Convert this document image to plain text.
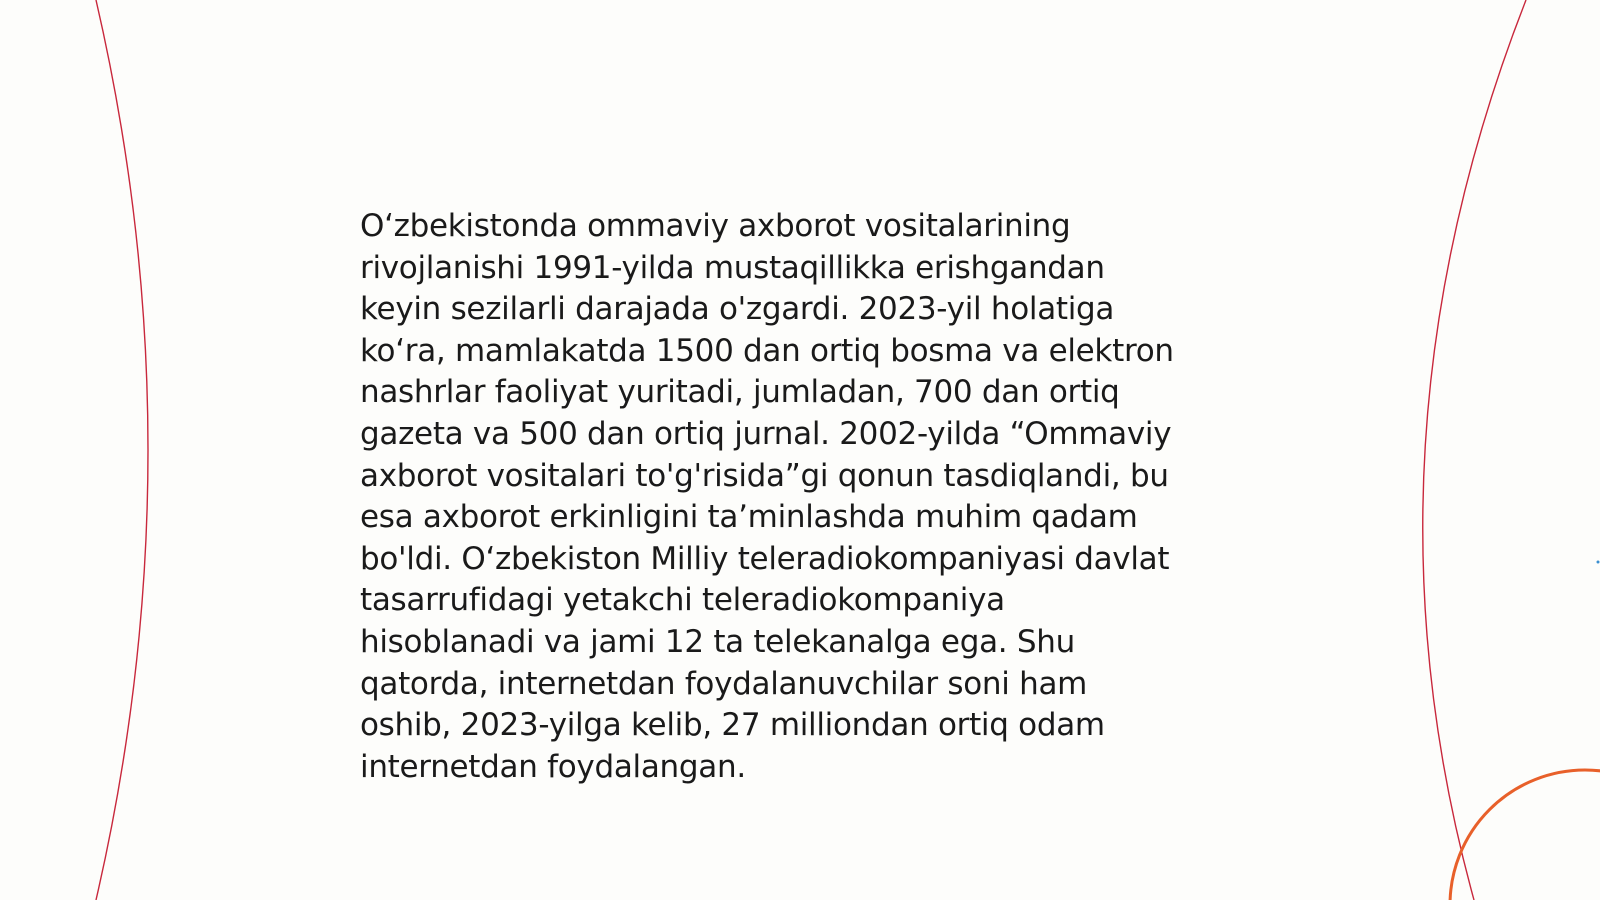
O‘zbekistonda ommaviy axborot vositalarining
rivojlanishi 1991-yilda mustaqillikka erishgandan
keyin sezilarli darajada o'zgardi. 2023-yil holatiga
ko‘ra, mamlakatda 1500 dan ortiq bosma va elektron
nashrlar faoliyat yuritadi, jumladan, 700 dan ortiq
gazeta va 500 dan ortiq jurnal. 2002-yilda “Ommaviy
axborot vositalari to'g'risida”gi qonun tasdiqlandi, bu
esa axborot erkinligini ta’minlashda muhim qadam
bo'ldi. O‘zbekiston Milliy teleradiokompaniyasi davlat
tasarrufidagi yetakchi teleradiokompaniya
hisoblanadi va jami 12 ta telekanalga ega. Shu
qatorda, internetdan foydalanuvchilar soni ham
oshib, 2023-yilga kelib, 27 milliondan ortiq odam
internetdan foydalangan.
